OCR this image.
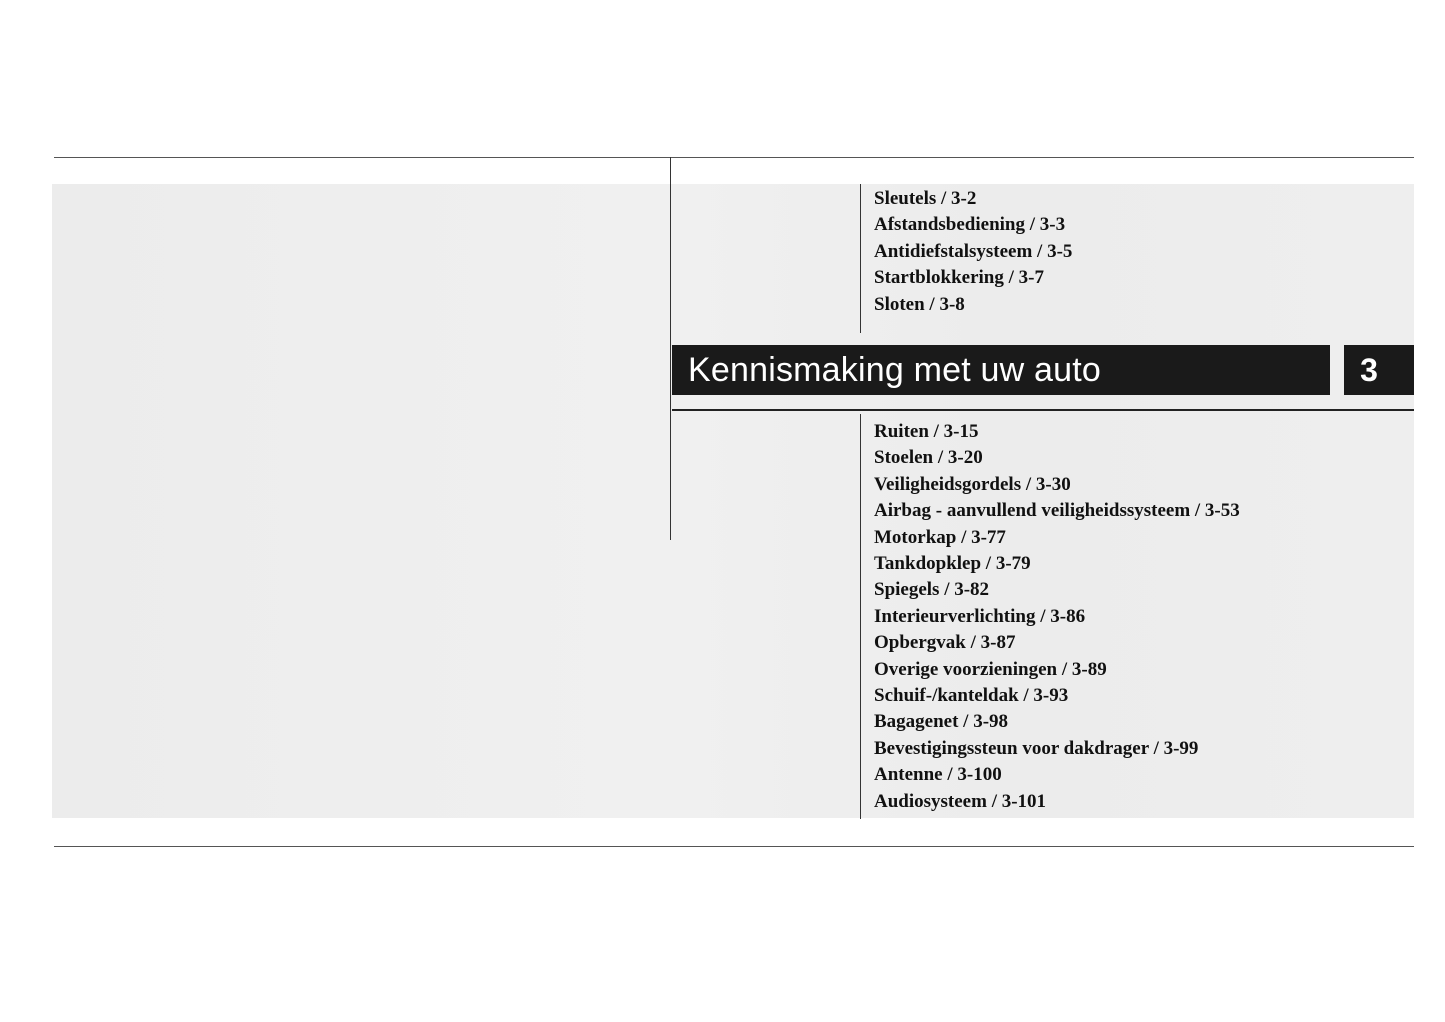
Sleutels / 3-2
Afstandsbediening / 3-3
Antidiefstalsysteem / 3-5
Startblokkering / 3-7
Sloten / 3-8
Kennismaking met uw auto	3
Ruiten / 3-15
Stoelen / 3-20
Veiligheidsgordels / 3-30
Airbag - aanvullend veiligheidssysteem / 3-53
Motorkap / 3-77
Tankdopklep / 3-79
Spiegels / 3-82
Interieurverlichting / 3-86
Opbergvak / 3-87
Overige voorzieningen / 3-89
Schuif-/kanteldak / 3-93
Bagagenet / 3-98
Bevestigingssteun voor dakdrager / 3-99
Antenne / 3-100
Audiosysteem / 3-101
